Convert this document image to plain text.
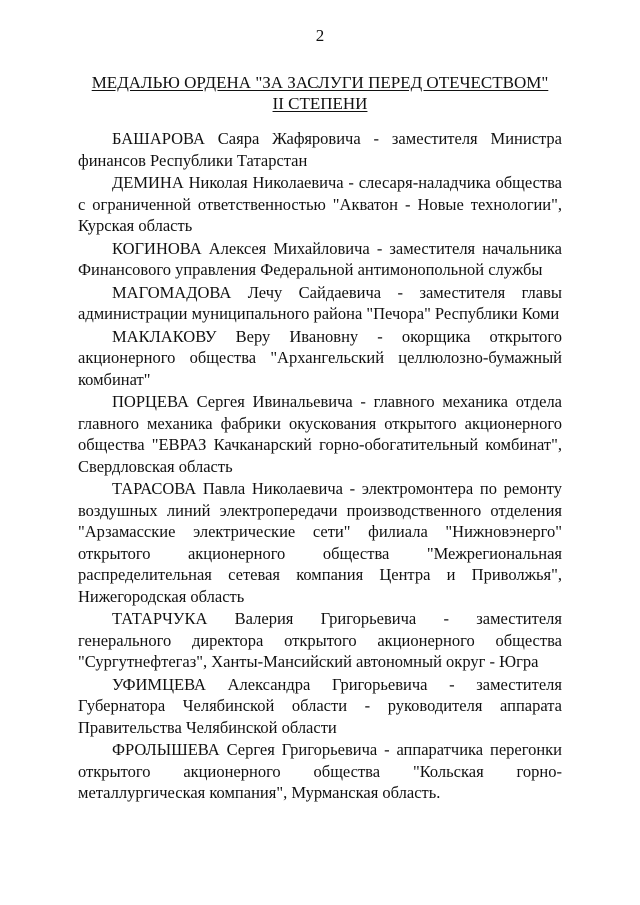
2
МЕДАЛЬЮ ОРДЕНА "ЗА ЗАСЛУГИ ПЕРЕД ОТЕЧЕСТВОМ"
II СТЕПЕНИ

БАШАРОВА Саяра Жафяровича - заместителя Министра финансов Республики Татарстан

ДЕМИНА Николая Николаевича - слесаря-наладчика общества с ограниченной ответственностью "Акватон - Новые технологии", Курская область

КОГИНОВА Алексея Михайловича - заместителя начальника Финансового управления Федеральной антимонопольной службы

МАГОМАДОВА Лечу Сайдаевича - заместителя главы администрации муниципального района "Печора" Республики Коми

МАКЛАКОВУ Веру Ивановну - окорщика открытого акционерного общества "Архангельский целлюлозно-бумажный комбинат"

ПОРЦЕВА Сергея Ивинальевича - главного механика отдела главного механика фабрики окускования открытого акционерного общества "ЕВРАЗ Качканарский горно-обогатительный комбинат", Свердловская область

ТАРАСОВА Павла Николаевича - электромонтера по ремонту воздушных линий электропередачи производственного отделения "Арзамасские электрические сети" филиала "Нижновэнерго" открытого акционерного общества "Межрегиональная распределительная сетевая компания Центра и Приволжья", Нижегородская область

ТАТАРЧУКА Валерия Григорьевича - заместителя генерального директора открытого акционерного общества "Сургутнефтегаз", Ханты-Мансийский автономный округ - Югра

УФИМЦЕВА Александра Григорьевича - заместителя Губернатора Челябинской области - руководителя аппарата Правительства Челябинской области

ФРОЛЫШЕВА Сергея Григорьевича - аппаратчика перегонки открытого акционерного общества "Кольская горно-металлургическая компания", Мурманская область.
